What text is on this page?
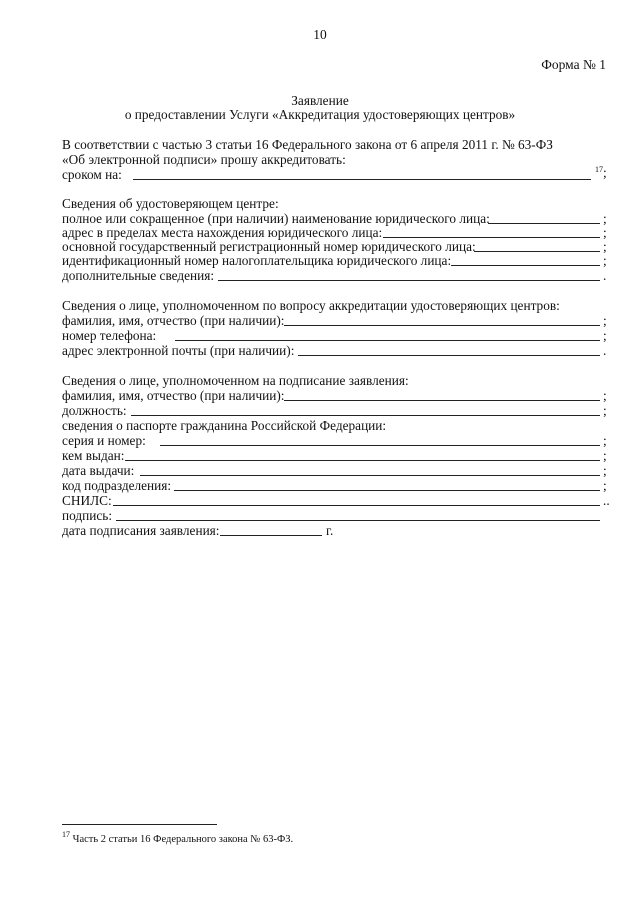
10
Форма № 1
Заявление
о предоставлении Услуги «Аккредитация удостоверяющих центров»
В соответствии с частью 3 статьи 16 Федерального закона от 6 апреля 2011 г. № 63-ФЗ
«Об электронной подписи» прошу аккредитовать:
сроком на:	$^{17}$;
Сведения об удостоверяющем центре:
полное или сокращенное (при наличии) наименование юридического лица:	;
адрес в пределах места нахождения юридического лица:	;
основной государственный регистрационный номер юридического лица:	;
идентификационный номер налогоплательщика юридического лица:	;
дополнительные сведения:	.
Сведения о лице, уполномоченном по вопросу аккредитации удостоверяющих центров:
фамилия, имя, отчество (при наличии):	;
номер телефона:	;
адрес электронной почты (при наличии):	.
Сведения о лице, уполномоченном на подписание заявления:
фамилия, имя, отчество (при наличии):	;
должность:	;
сведения о паспорте гражданина Российской Федерации:
серия и номер:	;
кем выдан:	;
дата выдачи:	;
код подразделения:	;
СНИЛС:	..
подпись:
дата подписания заявления:	г.
$^{17}$ Часть 2 статьи 16 Федерального закона № 63-ФЗ.
